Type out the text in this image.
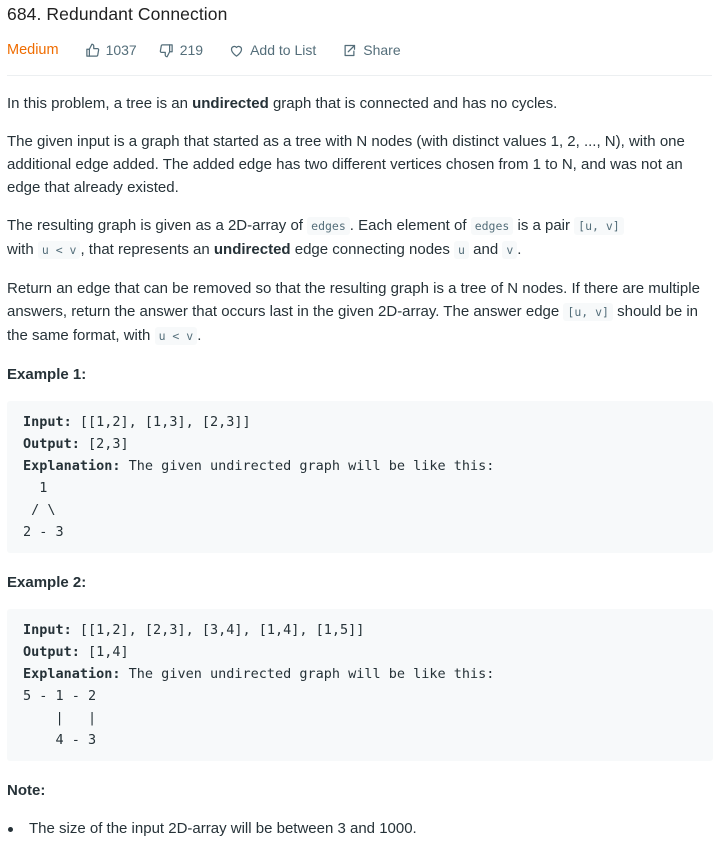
684. Redundant Connection
Medium	1037	219	Add to List	Share

In this problem, a tree is an undirected graph that is connected and has no cycles.

The given input is a graph that started as a tree with N nodes (with distinct values 1, 2, ..., N), with one additional edge added. The added edge has two different vertices chosen from 1 to N, and was not an edge that already existed.

The resulting graph is given as a 2D-array of edges . Each element of edges is a pair [u, v]
with u < v , that represents an undirected edge connecting nodes u and v .

Return an edge that can be removed so that the resulting graph is a tree of N nodes. If there are multiple answers, return the answer that occurs last in the given 2D-array. The answer edge [u, v] should be in the same format, with u < v .

Example 1:

Input: [[1,2], [1,3], [2,3]]
Output: [2,3]
Explanation: The given undirected graph will be like this:
1
/ \
2 - 3

Example 2:

Input: [[1,2], [2,3], [3,4], [1,4], [1,5]]
Output: [1,4]
Explanation: The given undirected graph will be like this:
5 - 1 - 2
|   |
4 - 3

Note:

The size of the input 2D-array will be between 3 and 1000.
